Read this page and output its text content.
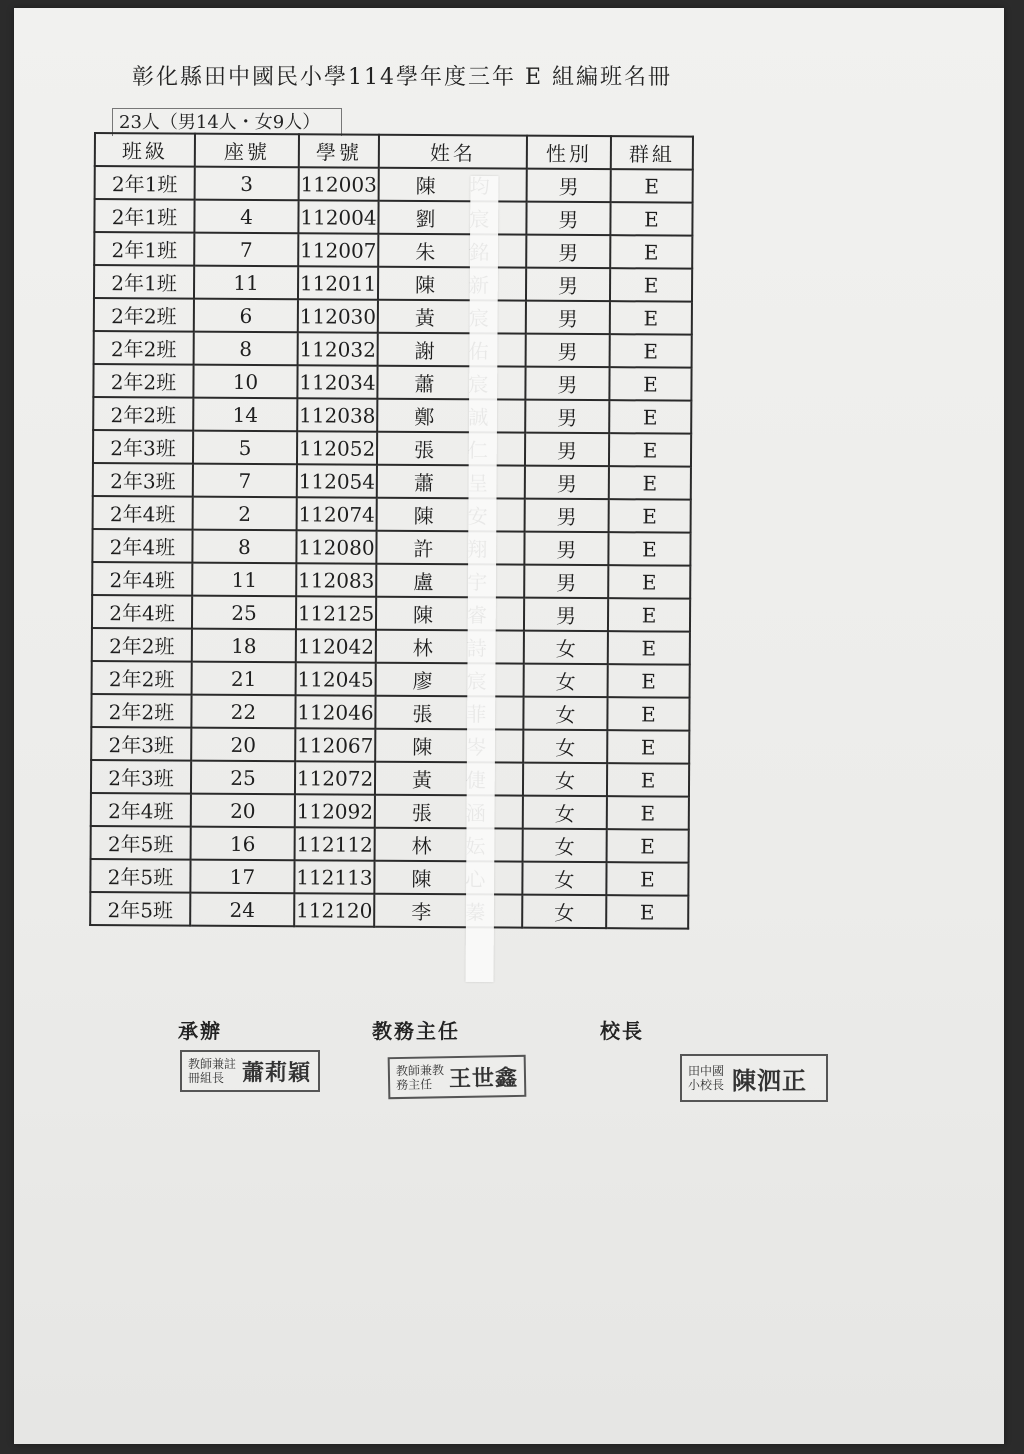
彰化縣田中國民小學114學年度三年 E 組編班名冊
23人（男14人・女9人）
班級	座號	學號	姓名	性別	群組
2年1班	3	112003	陳	男	E
2年1班	4	112004	劉	男	E
2年1班	7	112007	朱	男	E
2年1班	11	112011	陳	男	E
2年2班	6	112030	黃	男	E
2年2班	8	112032	謝	男	E
2年2班	10	112034	蕭	男	E
2年2班	14	112038	鄭	男	E
2年3班	5	112052	張	男	E
2年3班	7	112054	蕭	男	E
2年4班	2	112074	陳	男	E
2年4班	8	112080	許	男	E
2年4班	11	112083	盧	男	E
2年4班	25	112125	陳	男	E
2年2班	18	112042	林	女	E
2年2班	21	112045	廖	女	E
2年2班	22	112046	張	女	E
2年3班	20	112067	陳	女	E
2年3班	25	112072	黃	女	E
2年4班	20	112092	張	女	E
2年5班	16	112112	林	女	E
2年5班	17	112113	陳	女	E
2年5班	24	112120	李	女	E
承辦	教務主任	校長
教師兼註冊組長 蕭莉穎	教師兼教務主任 王世鑫	田中國小校長 陳泗正
